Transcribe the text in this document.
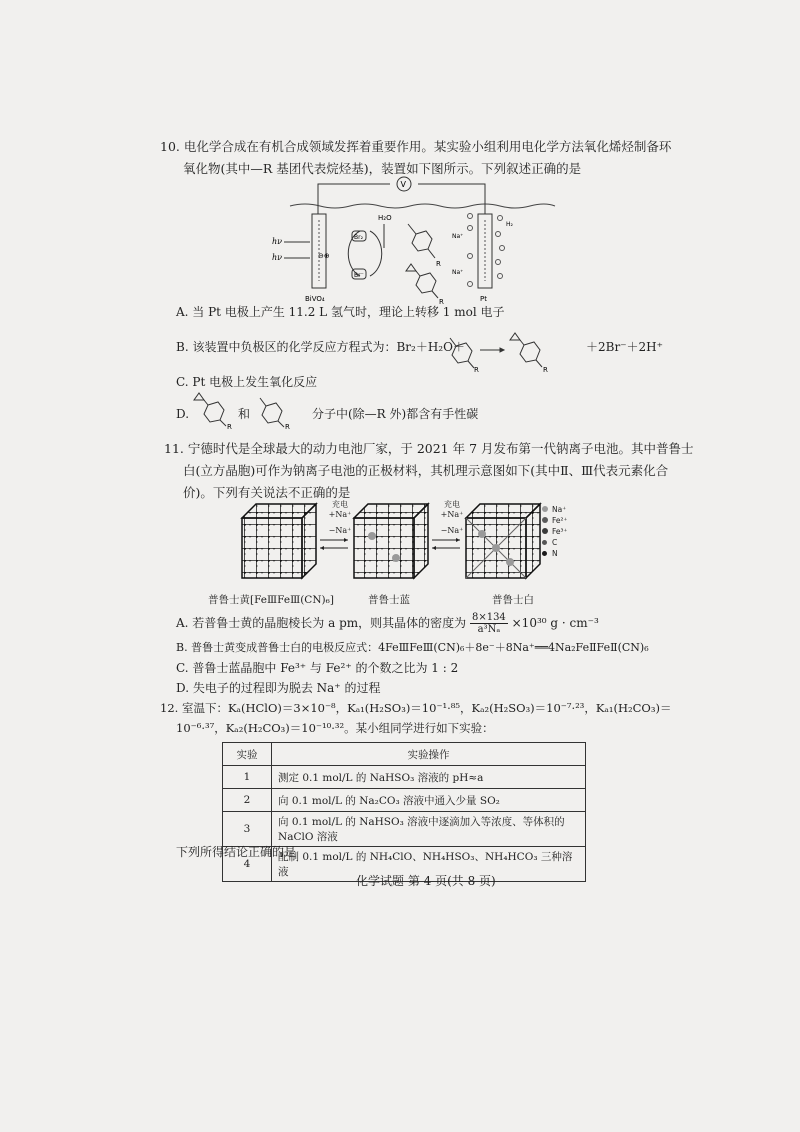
10. 电化学合成在有机合成领域发挥着重要作用。某实验小组利用电化学方法氧化烯烃制备环
氧化物(其中—R 基团代表烷烃基)，装置如下图所示。下列叙述正确的是
V
BiVO₄
hν
hν	⊖⊕
Br₂
Br⁻
H₂O
R
R	Pt
Na⁺
Na⁺
H₂
A. 当 Pt 电极上产生 11.2 L 氢气时，理论上转移 1 mol 电子
B. 该装置中负极区的化学反应方程式为：Br₂＋H₂O＋
R	R
＋2Br⁻＋2H⁺
C. Pt 电极上发生氧化反应
D.
R
和
R
分子中(除—R 外)都含有手性碳
11. 宁德时代是全球最大的动力电池厂家，于 2021 年 7 月发布第一代钠离子电池。其中普鲁士
白(立方晶胞)可作为钠离子电池的正极材料，其机理示意图如下(其中Ⅱ、Ⅲ代表元素化合
价)。下列有关说法不正确的是
充电
+Na⁺
−Na⁺
充电
+Na⁺
−Na⁺
Na⁺
Fe²⁺
Fe³⁺
C
N
普鲁士黄[FeⅢFeⅢ(CN)₆]	普鲁士蓝	普鲁士白
A. 若普鲁士黄的晶胞棱长为 a pm，则其晶体的密度为 $\frac{8\times 134}{\text{a³Nₐ}} \times 10^{30}$ g · cm⁻³
B. 普鲁士黄变成普鲁士白的电极反应式：4FeⅢFeⅢ(CN)₆＋8e⁻＋8Na⁺══4Na₂FeⅡFeⅡ(CN)₆
C. 普鲁士蓝晶胞中 Fe³⁺ 与 Fe²⁺ 的个数之比为 1 : 2
D. 失电子的过程即为脱去 Na⁺ 的过程
12. 室温下：Kₐ(HClO)＝3×10⁻⁸，Kₐ₁(H₂SO₃)＝10⁻¹·⁸⁵，Kₐ₂(H₂SO₃)＝10⁻⁷·²³，Kₐ₁(H₂CO₃)＝
10⁻⁶·³⁷，Kₐ₂(H₂CO₃)＝10⁻¹⁰·³²。某小组同学进行如下实验：
实验	实验操作
1	测定 0.1 mol/L 的 NaHSO₃ 溶液的 pH≈a
2	向 0.1 mol/L 的 Na₂CO₃ 溶液中通入少量 SO₂
3	向 0.1 mol/L 的 NaHSO₃ 溶液中逐滴加入等浓度、等体积的 NaClO 溶液
4	配制 0.1 mol/L 的 NH₄ClO、NH₄HSO₃、NH₄HCO₃ 三种溶液
下列所得结论正确的是
化学试题 第 4 页(共 8 页)
